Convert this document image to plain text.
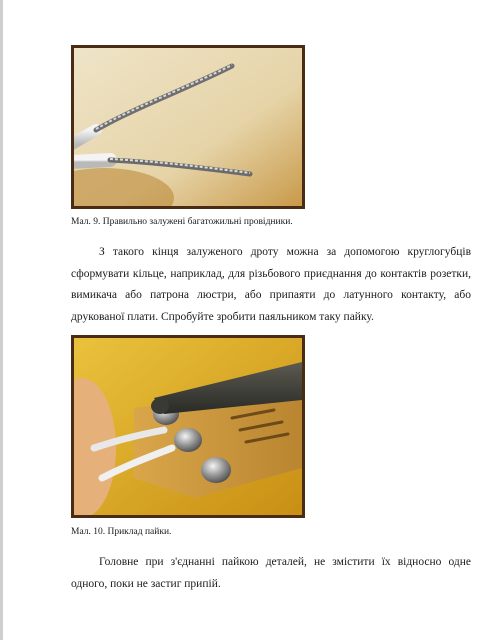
Мал. 9. Правильно залужені багатожильні провідники.

З такого кінця залуженого дроту можна за допомогою круглогубців сформувати кільце, наприклад, для різьбового приєднання до контактів розетки, вимикача або патрона люстри, або припаяти до латунного контакту, або друкованої плати. Спробуйте зробити паяльником таку пайку.

Мал. 10. Приклад пайки.

Головне при з'єднанні пайкою деталей, не змістити їх відносно одне одного, поки не застиг припій.
